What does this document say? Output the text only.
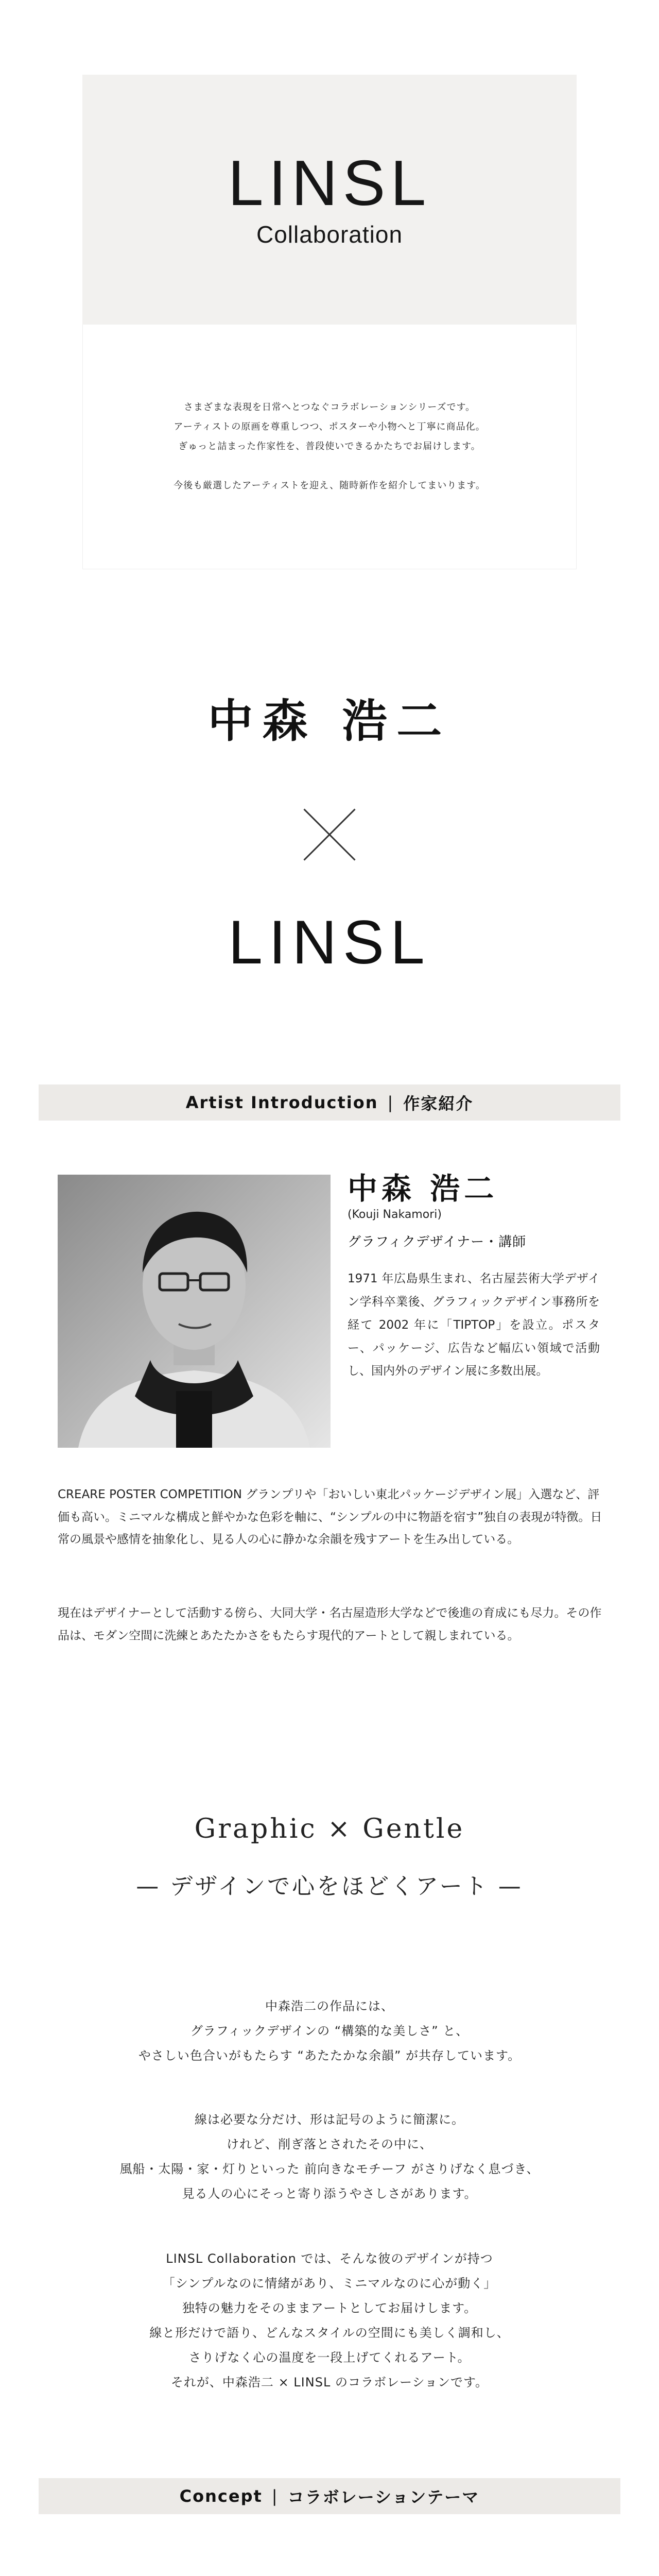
LINSL
Collaboration

さまざまな表現を日常へとつなぐコラボレーションシリーズです。

アーティストの原画を尊重しつつ、ポスターや小物へと丁寧に商品化。

ぎゅっと詰まった作家性を、普段使いできるかたちでお届けします。

今後も厳選したアーティストを迎え、随時新作を紹介してまいります。

中森 浩二
LINSL
Artist Introduction | 作家紹介
中森 浩二
(Kouji Nakamori)
グラフィクデザイナー・講師
1971 年広島県生まれ、名古屋芸術大学デザイン学科卒業後、グラフィックデザイン事務所を経て 2002 年に「TIPTOP」を設立。ポスター、パッケージ、広告など幅広い領域で活動し、国内外のデザイン展に多数出展。
CREARE POSTER COMPETITION グランプリや「おいしい東北パッケージデザイン展」入選など、評価も高い。ミニマルな構成と鮮やかな色彩を軸に、“シンプルの中に物語を宿す”独自の表現が特徴。日常の風景や感情を抽象化し、見る人の心に静かな余韻を残すアートを生み出している。
現在はデザイナーとして活動する傍ら、大同大学・名古屋造形大学などで後進の育成にも尽力。その作品は、モダン空間に洗練とあたたかさをもたらす現代的アートとして親しまれている。
Graphic × Gentle
— デザインで心をほどくアート —

中森浩二の作品には、

グラフィックデザインの “構築的な美しさ” と、

やさしい色合いがもたらす “あたたかな余韻” が共存しています。

線は必要な分だけ、形は記号のように簡潔に。

けれど、削ぎ落とされたその中に、

風船・太陽・家・灯りといった 前向きなモチーフ がさりげなく息づき、

見る人の心にそっと寄り添うやさしさがあります。

LINSL Collaboration では、そんな彼のデザインが持つ

「シンプルなのに情緒があり、ミニマルなのに心が動く」

独特の魅力をそのままアートとしてお届けします。

線と形だけで語り、どんなスタイルの空間にも美しく調和し、

さりげなく心の温度を一段上げてくれるアート。

それが、中森浩二 × LINSL のコラボレーションです。

Concept | コラボレーションテーマ
